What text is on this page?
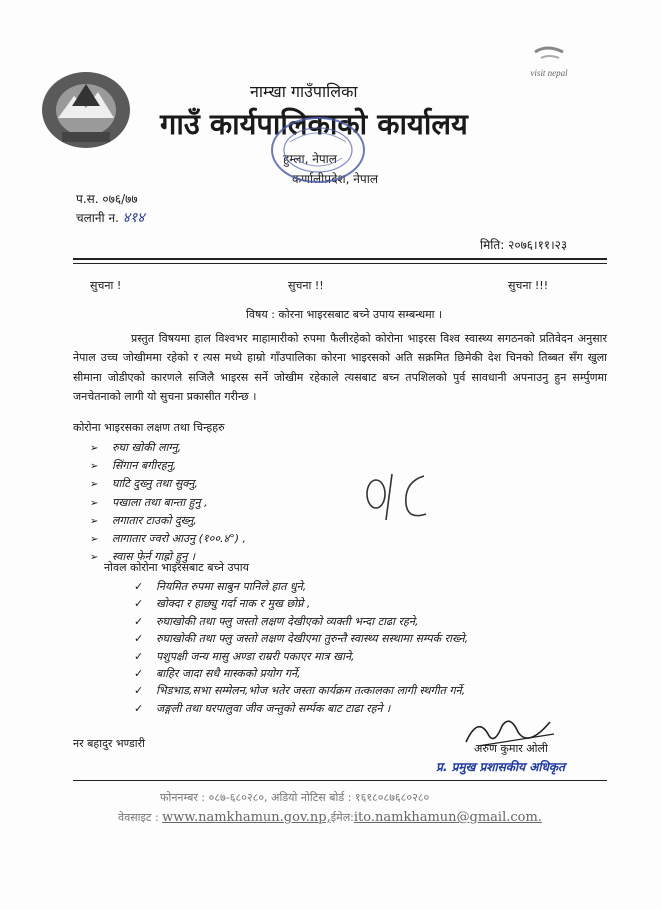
visit nepal
नाम्खा गाउँपालिका
गाउँ कार्यपालिकाको कार्यालय
हुम्ला, नेपाल
कर्णालीप्रदेश, नेपाल
प.स. ०७६/७७
चलानी न. ४१४
मिति: २०७६।११।२३
सुचना !	सुचना !!	सुचना !!!
विषय : कोरना भाइरसबाट बच्ने उपाय सम्बन्धमा ।
प्रस्तुत विषयमा हाल विश्वभर माहामारीको रुपमा फैलीरहेको कोरोना भाइरस विश्व स्वास्थ्य सगठनको प्रतिवेदन अनुसार नेपाल उच्च जोखीममा रहेको र त्यस मध्ये हाम्रो गाँउपालिका कोरना भाइरसको अति सक्रमित छिमेकी देश चिनको तिब्बत सँग खुला सीमाना जोडीएको कारणले सजिलै भाइरस सर्ने जोखीम रहेकाले त्यसबाट बच्न तपशिलको पुर्व सावधानी अपनाउनु हुन सर्म्पुणमा जनचेतनाको लागी यो सुचना प्रकासीत गरीन्छ ।
कोरोना भाइरसका लक्षण तथा चिन्हहरु
➢ रुघा खोकी लाग्नु,
➢ सिंगान बगीरहनु,
➢ घाटि दुख्नु तथा सुक्नु,
➢ पखाला तथा बान्ता हुनु ,
➢ लगातार टाउको दुख्नु,
➢ लागातार ज्वरो आउनु (१००.४°) ,
➢ स्वास फेर्न गाह्रो हुनु ।
नोवल कोरोना भाइरसबाट बच्ने उपाय
✓ नियमित रुपमा साबुन पानिले हात धुने,
✓ खोक्दा र हाछ्यु गर्दा नाक र मुख छोप्ने ,
✓ रुघाखोकी तथा फ्लु जस्तो लक्षण देखीएको व्यक्ती भन्दा टाढा रहने,
✓ रुघाखोकी तथा फ्लु जस्तो लक्षण देखीएमा तुरुन्तै स्वास्थ्य सस्थामा सम्पर्क राख्ने,
✓ पशुपक्षी जन्य मासु अण्डा राम्ररी पकाएर मात्र खाने,
✓ बाहिर जादा सधै मास्कको प्रयोग गर्ने,
✓ भिडभाड,सभा सम्मेलन,भोज भतेर जस्ता कार्यक्रम तत्कालका लागी स्थगीत गर्ने,
✓ जङ्गली तथा घरपालुवा जीव जन्तुको सर्म्पक बाट टाढा रहने ।
नर बहादुर भण्डारी	अरुण कुमार ओली
प्र. प्रमुख प्रशासकीय अधिकृत
फोननम्बर : ०८७-६८०२८०, अडियो नोटिस बोर्ड : १६१८०८७६८०२८०
वेवसाइट : www.namkhamun.gov.np,ईमेल:ito.namkhamun@gmail.com.
